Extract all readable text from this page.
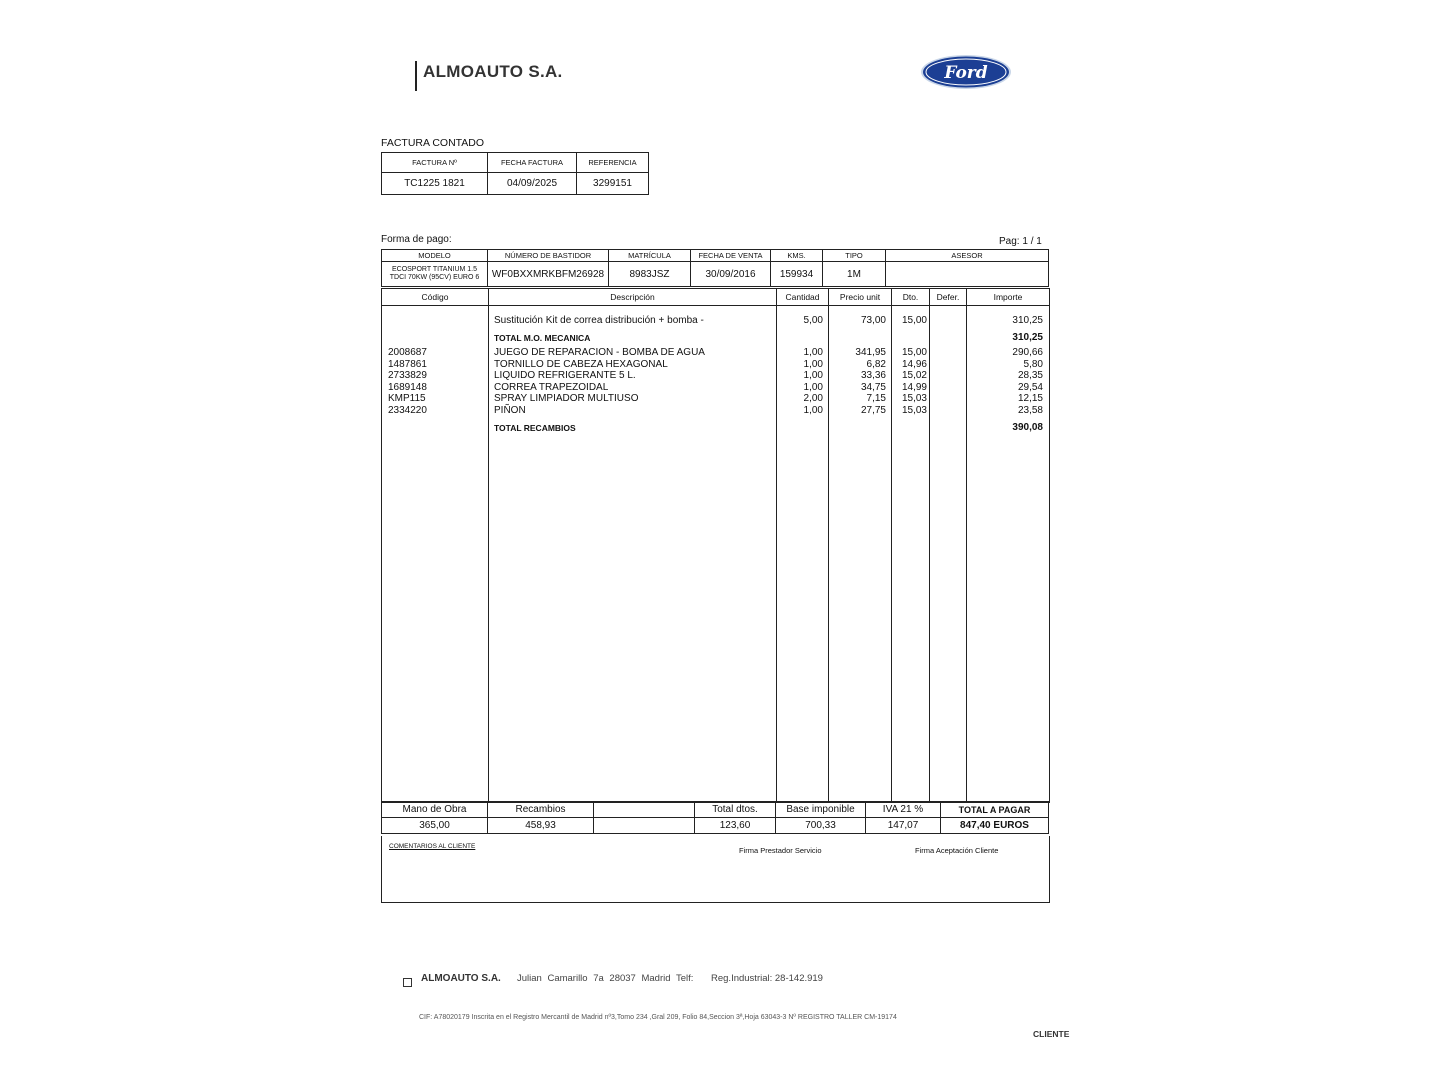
ALMOAUTO S.A.	Ford
FACTURA CONTADO
FACTURA Nº	FECHA FACTURA	REFERENCIA
TC1225 1821	04/09/2025	3299151
Forma de pago:	Pag: 1 / 1
MODELO	NÚMERO DE BASTIDOR	MATRÍCULA	FECHA DE VENTA	KMS.	TIPO	ASESOR

ECOSPORT TITANIUM 1.5
TDCI 70KW (95CV) EURO 6	WF0BXXMRKBFM26928	8983JSZ	30/09/2016	159934	1M	
Código	Descripción	Cantidad	Precio unit	Dto.	Defer.	Importe
Sustitución Kit de correa distribución + bomba -	5,00	73,00 15,00	310,25
TOTAL M.O. MECANICA	310,25
2008687	JUEGO DE REPARACION - BOMBA DE AGUA	1,00	341,95 15,00	290,66
1487861	TORNILLO DE CABEZA HEXAGONAL	1,00	6,82 14,96	5,80
2733829	LIQUIDO REFRIGERANTE 5 L.	1,00	33,36 15,02	28,35
1689148	CORREA TRAPEZOIDAL	1,00	34,75 14,99	29,54
KMP115	SPRAY LIMPIADOR MULTIUSO	2,00	7,15 15,03	12,15
2334220	PIÑON	1,00	27,75 15,03	23,58
TOTAL RECAMBIOS	390,08
Mano de Obra	Recambios		Total dtos.	Base imponible	IVA 21 %	TOTAL A PAGAR
365,00	458,93		123,60	700,33	147,07	847,40 EUROS
COMENTARIOS AL CLIENTE	Firma Prestador Servicio	Firma Aceptación Cliente
ALMOAUTO S.A. Julian Camarillo 7a 28037 Madrid Telf: Reg.Industrial: 28-142.919
CIF: A78020179 Inscrita en el Registro Mercantil de Madrid nº3,Tomo 234 ,Gral 209, Folio 84,Seccion 3ª,Hoja 63043-3 Nº REGISTRO TALLER CM-19174
CLIENTE
